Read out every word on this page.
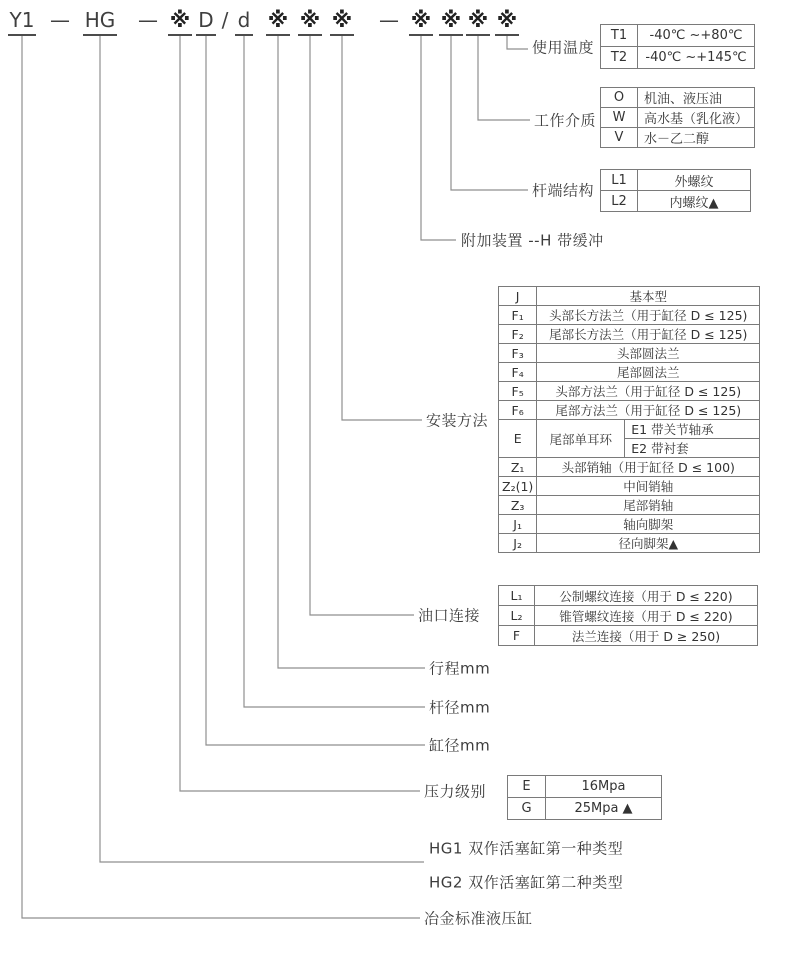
Y1 — HG — ※ D / d ※ ※ ※ — ※ ※ ※ ※
使用温度
工作介质
杆端结构
附加装置 --H 带缓冲
安装方法
油口连接
行程mm
杆径mm
缸径mm
压力级别
HG1 双作活塞缸第一种类型
HG2 双作活塞缸第二种类型
冶金标准液压缸
T1	-40℃ ~+80℃
T2	-40℃ ~+145℃
O	机油、液压油
W	高水基（乳化液）
V	水－乙二醇
L1	外螺纹
L2	内螺纹▲
J	基本型	
F₁	头部长方法兰（用于缸径 D ≤ 125)	
F₂	尾部长方法兰（用于缸径 D ≤ 125)	
F₃	头部圆法兰	
F₄	尾部圆法兰	
F₅	头部方法兰（用于缸径 D ≤ 125)	
F₆	尾部方法兰（用于缸径 D ≤ 125)	
E	尾部单耳环	E1 带关节轴承
		E2 带衬套
Z₁	头部销轴（用于缸径 D ≤ 100)	
Z₂(1)	中间销轴	
Z₃	尾部销轴	
J₁	轴向脚架	
J₂	径向脚架▲	
L₁	公制螺纹连接（用于 D ≤ 220)
L₂	锥管螺纹连接（用于 D ≤ 220)
F	法兰连接（用于 D ≥ 250)
E	16Mpa
G	25Mpa ▲
